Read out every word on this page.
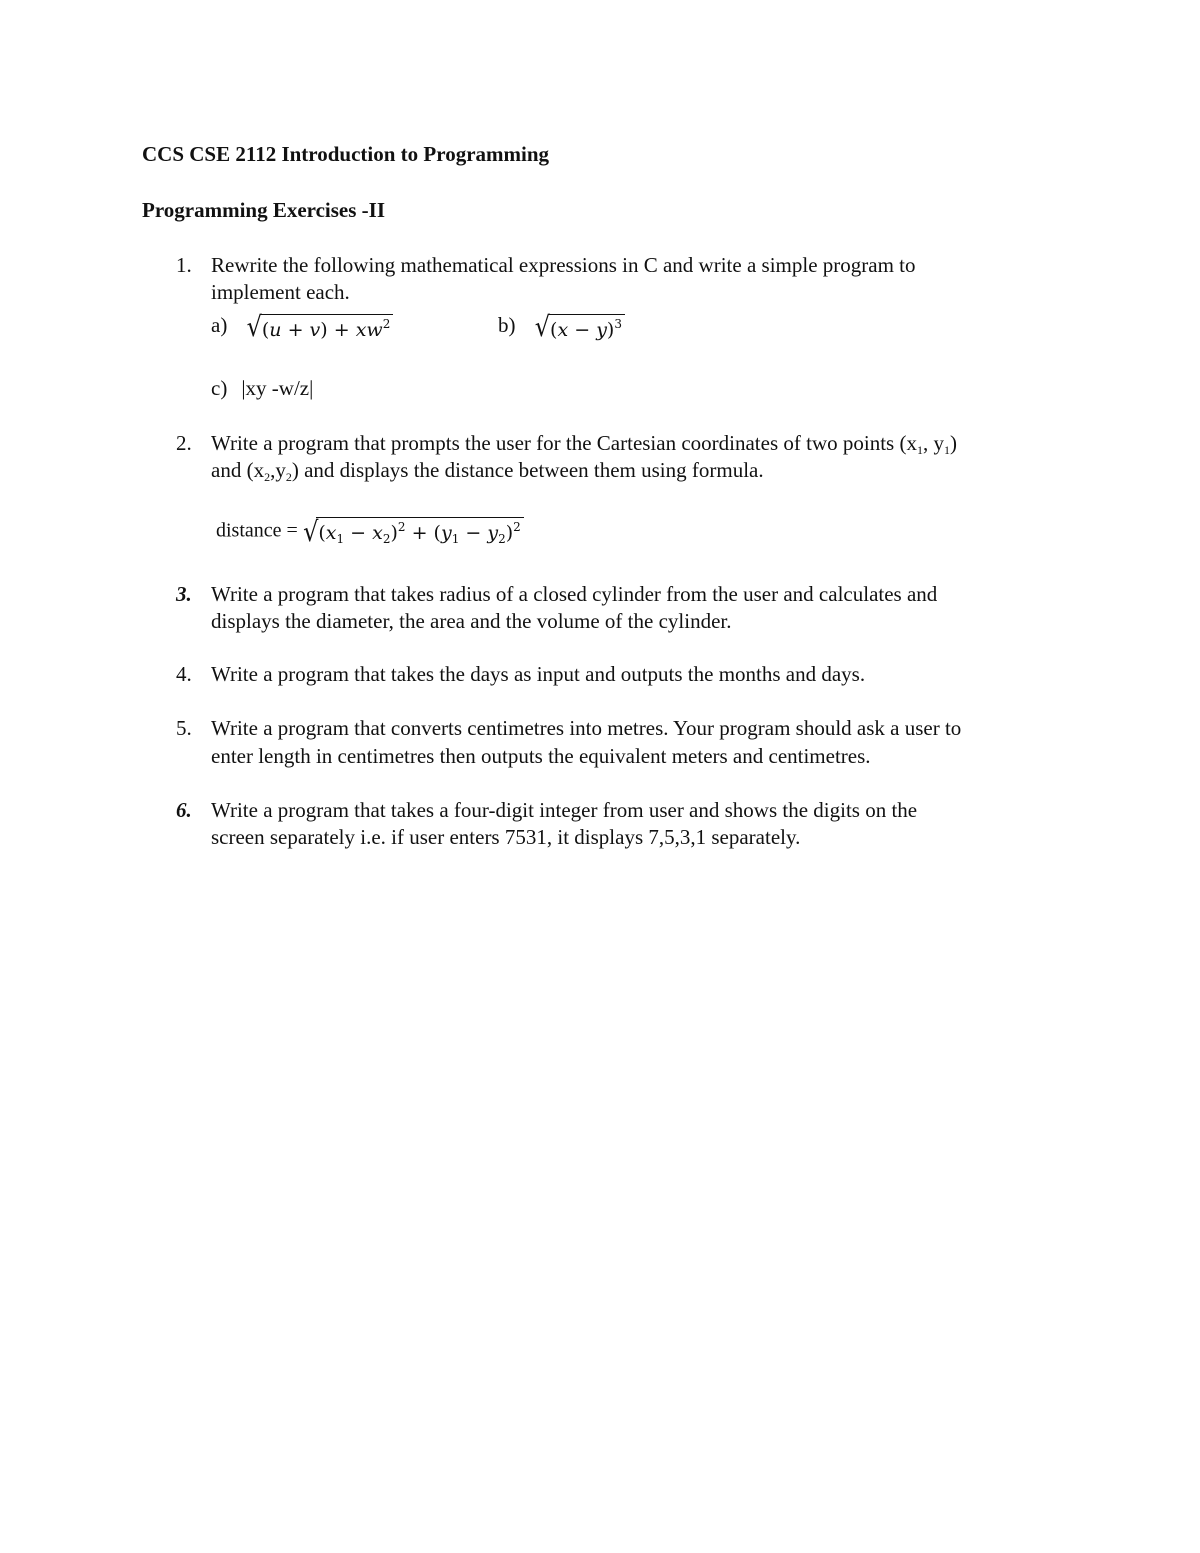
CCS CSE 2112 Introduction to Programming
Programming Exercises -II
1. Rewrite the following mathematical expressions in C and write a simple program to
implement each.
a) $√(u + v) + xw^2$	b) $√(x - y)^3$
c) |xy -w/z|
2. Write a program that prompts the user for the Cartesian coordinates of two points ($x_1$, $y_1$)
and $(x_2,y_2)$ and displays the distance between them using formula.
distance = $√(x_1 - x_2)^2 + (y_1 - y_2)^2$
3. Write a program that takes radius of a closed cylinder from the user and calculates and
displays the diameter, the area and the volume of the cylinder.
4. Write a program that takes the days as input and outputs the months and days.
5. Write a program that converts centimetres into metres. Your program should ask a user to
enter length in centimetres then outputs the equivalent meters and centimetres.
6. Write a program that takes a four-digit integer from user and shows the digits on the
screen separately i.e. if user enters 7531, it displays 7,5,3,1 separately.
